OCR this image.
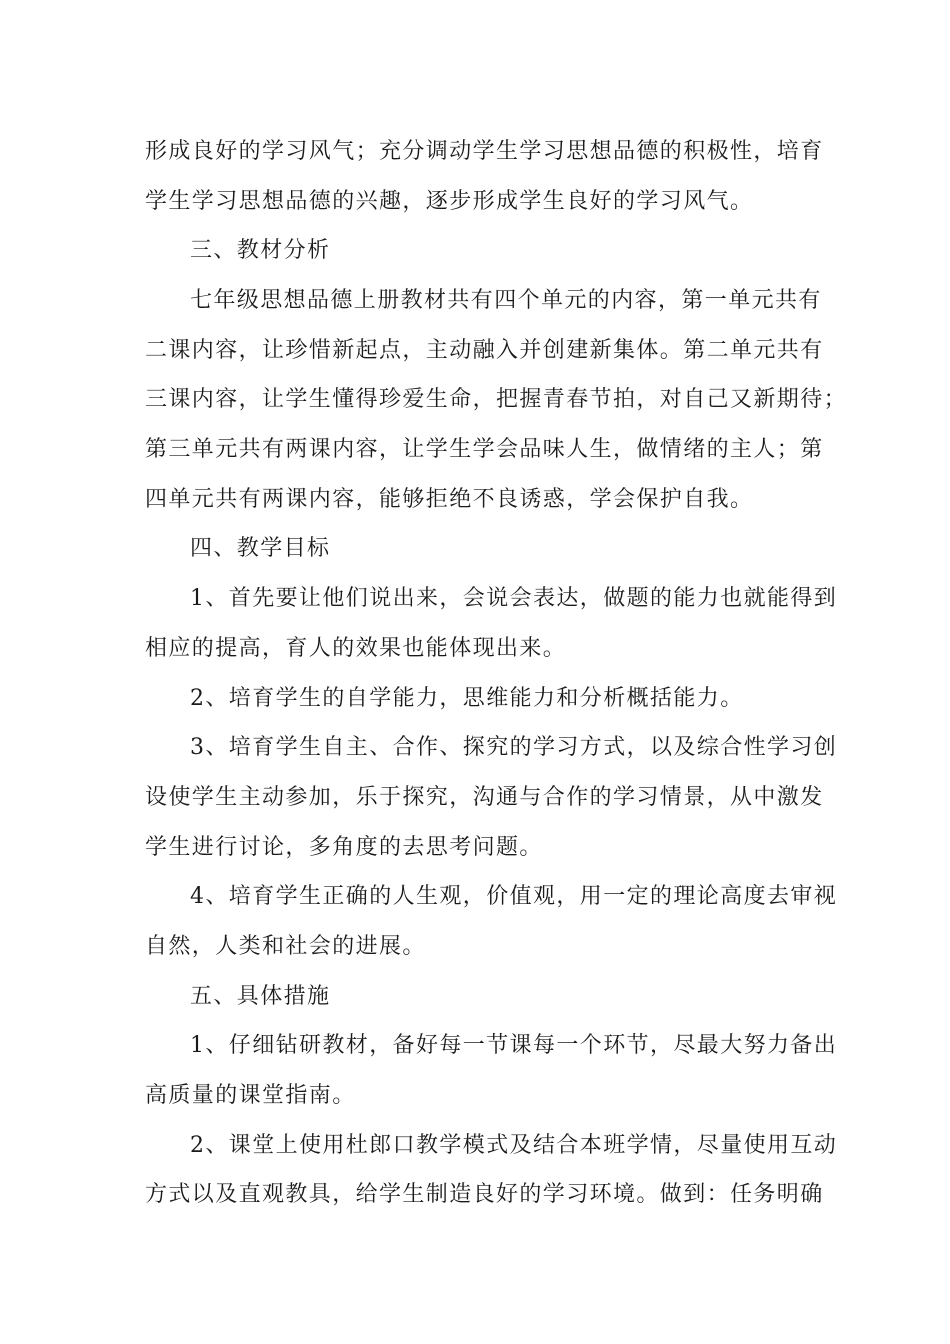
形成良好的学习风气；充分调动学生学习思想品德的积极性，培育
学生学习思想品德的兴趣，逐步形成学生良好的学习风气。
三、教材分析
七年级思想品德上册教材共有四个单元的内容，第一单元共有
二课内容，让珍惜新起点，主动融入并创建新集体。第二单元共有
三课内容，让学生懂得珍爱生命，把握青春节拍，对自己又新期待；
第三单元共有两课内容，让学生学会品味人生，做情绪的主人；第
四单元共有两课内容，能够拒绝不良诱惑，学会保护自我。
四、教学目标
1、首先要让他们说出来，会说会表达，做题的能力也就能得到
相应的提高，育人的效果也能体现出来。
2、培育学生的自学能力，思维能力和分析概括能力。
3、培育学生自主、合作、探究的学习方式，以及综合性学习创
设使学生主动参加，乐于探究，沟通与合作的学习情景，从中激发
学生进行讨论，多角度的去思考问题。
4、培育学生正确的人生观，价值观，用一定的理论高度去审视
自然，人类和社会的进展。
五、具体措施
1、仔细钻研教材，备好每一节课每一个环节，尽最大努力备出
高质量的课堂指南。
2、课堂上使用杜郎口教学模式及结合本班学情，尽量使用互动
方式以及直观教具，给学生制造良好的学习环境。做到：任务明确
